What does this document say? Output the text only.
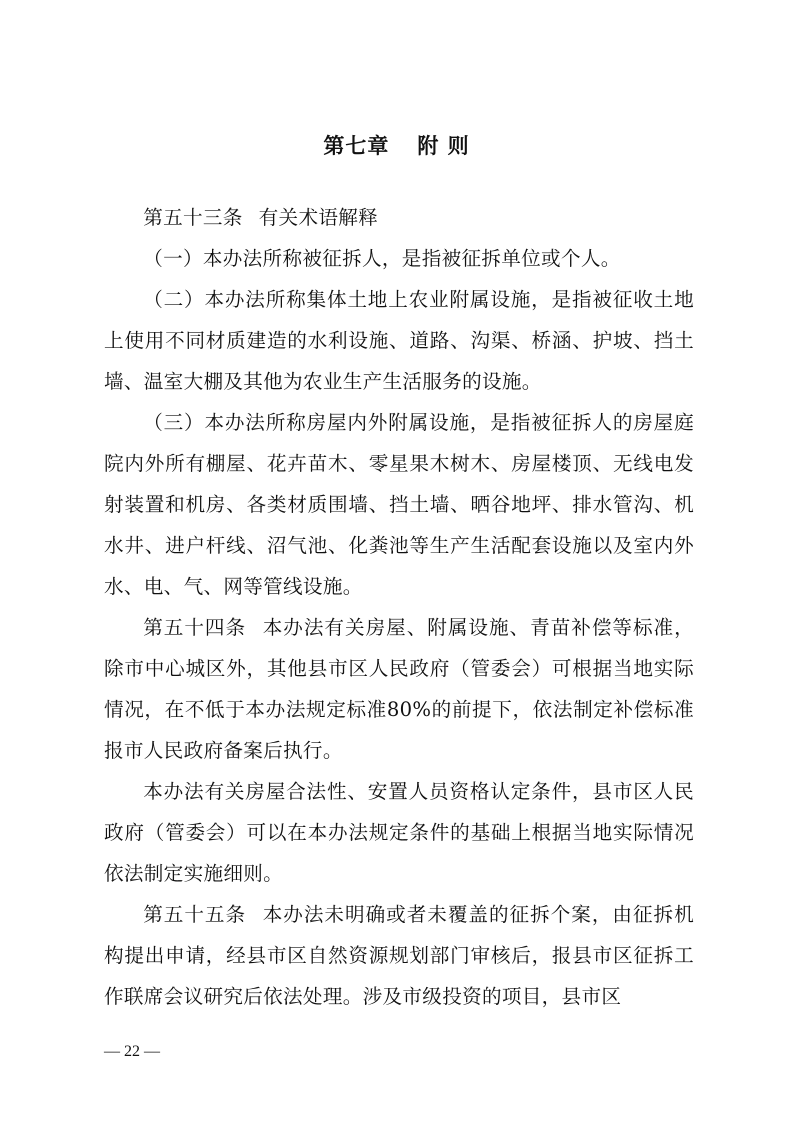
第七章 附 则

第五十三条 有关术语解释

（一）本办法所称被征拆人，是指被征拆单位或个人。

（二）本办法所称集体土地上农业附属设施，是指被征收土地上使用不同材质建造的水利设施、道路、沟渠、桥涵、护坡、挡土墙、温室大棚及其他为农业生产生活服务的设施。

（三）本办法所称房屋内外附属设施，是指被征拆人的房屋庭院内外所有棚屋、花卉苗木、零星果木树木、房屋楼顶、无线电发射装置和机房、各类材质围墙、挡土墙、晒谷地坪、排水管沟、机水井、进户杆线、沼气池、化粪池等生产生活配套设施以及室内外水、电、气、网等管线设施。

第五十四条 本办法有关房屋、附属设施、青苗补偿等标准，除市中心城区外，其他县市区人民政府（管委会）可根据当地实际情况，在不低于本办法规定标准80%的前提下，依法制定补偿标准报市人民政府备案后执行。

本办法有关房屋合法性、安置人员资格认定条件，县市区人民政府（管委会）可以在本办法规定条件的基础上根据当地实际情况依法制定实施细则。

第五十五条 本办法未明确或者未覆盖的征拆个案，由征拆机构提出申请，经县市区自然资源规划部门审核后，报县市区征拆工作联席会议研究后依法处理。涉及市级投资的项目，县市区

— 22 —
